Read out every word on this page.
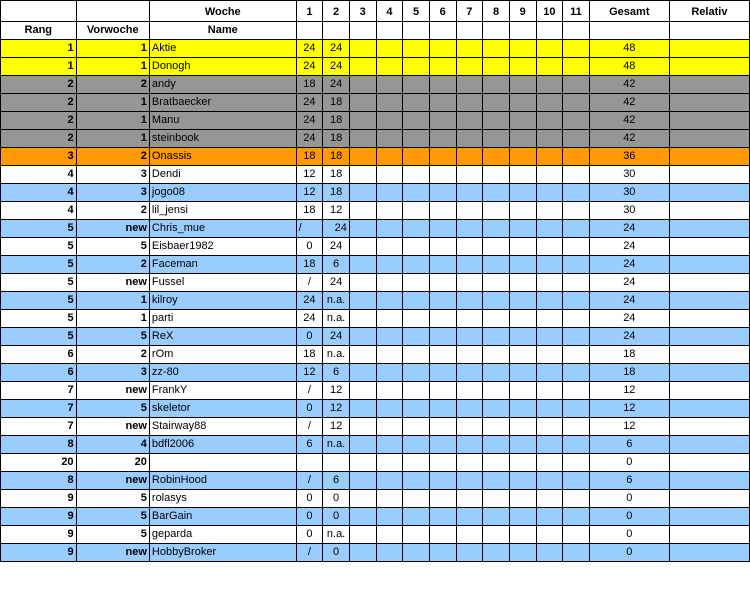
		Woche	1	2	3	4	5	6	7	8	9	10	11	Gesamt	Relativ
Rang	Vorwoche	Name													
1	1	Aktie	24	24										48	
1	1	Donogh	24	24										48	
2	2	andy	18	24										42	
2	1	Bratbaecker	24	18										42	
2	1	Manu	24	18										42	
2	1	steinbook	24	18										42	
3	2	Onassis	18	18										36	
4	3	Dendi	12	18										30	
4	3	jogo08	12	18										30	
4	2	lil_jensi	18	12										30	
5	new	Chris_mue	/	24										24	
5	5	Eisbaer1982	0	24										24	
5	2	Faceman	18	6										24	
5	new	Fussel	/	24										24	
5	1	kilroy	24	n.a.										24	
5	1	parti	24	n.a.										24	
5	5	ReX	0	24										24	
6	2	rOm	18	n.a.										18	
6	3	zz-80	12	6										18	
7	new	FrankY	/	12										12	
7	5	skeletor	0	12										12	
7	new	Stairway88	/	12										12	
8	4	bdfl2006	6	n.a.										6	
20	20													0	
8	new	RobinHood	/	6										6	
9	5	rolasys	0	0										0	
9	5	BarGain	0	0										0	
9	5	geparda	0	n.a.										0	
9	new	HobbyBroker	/	0										0	
